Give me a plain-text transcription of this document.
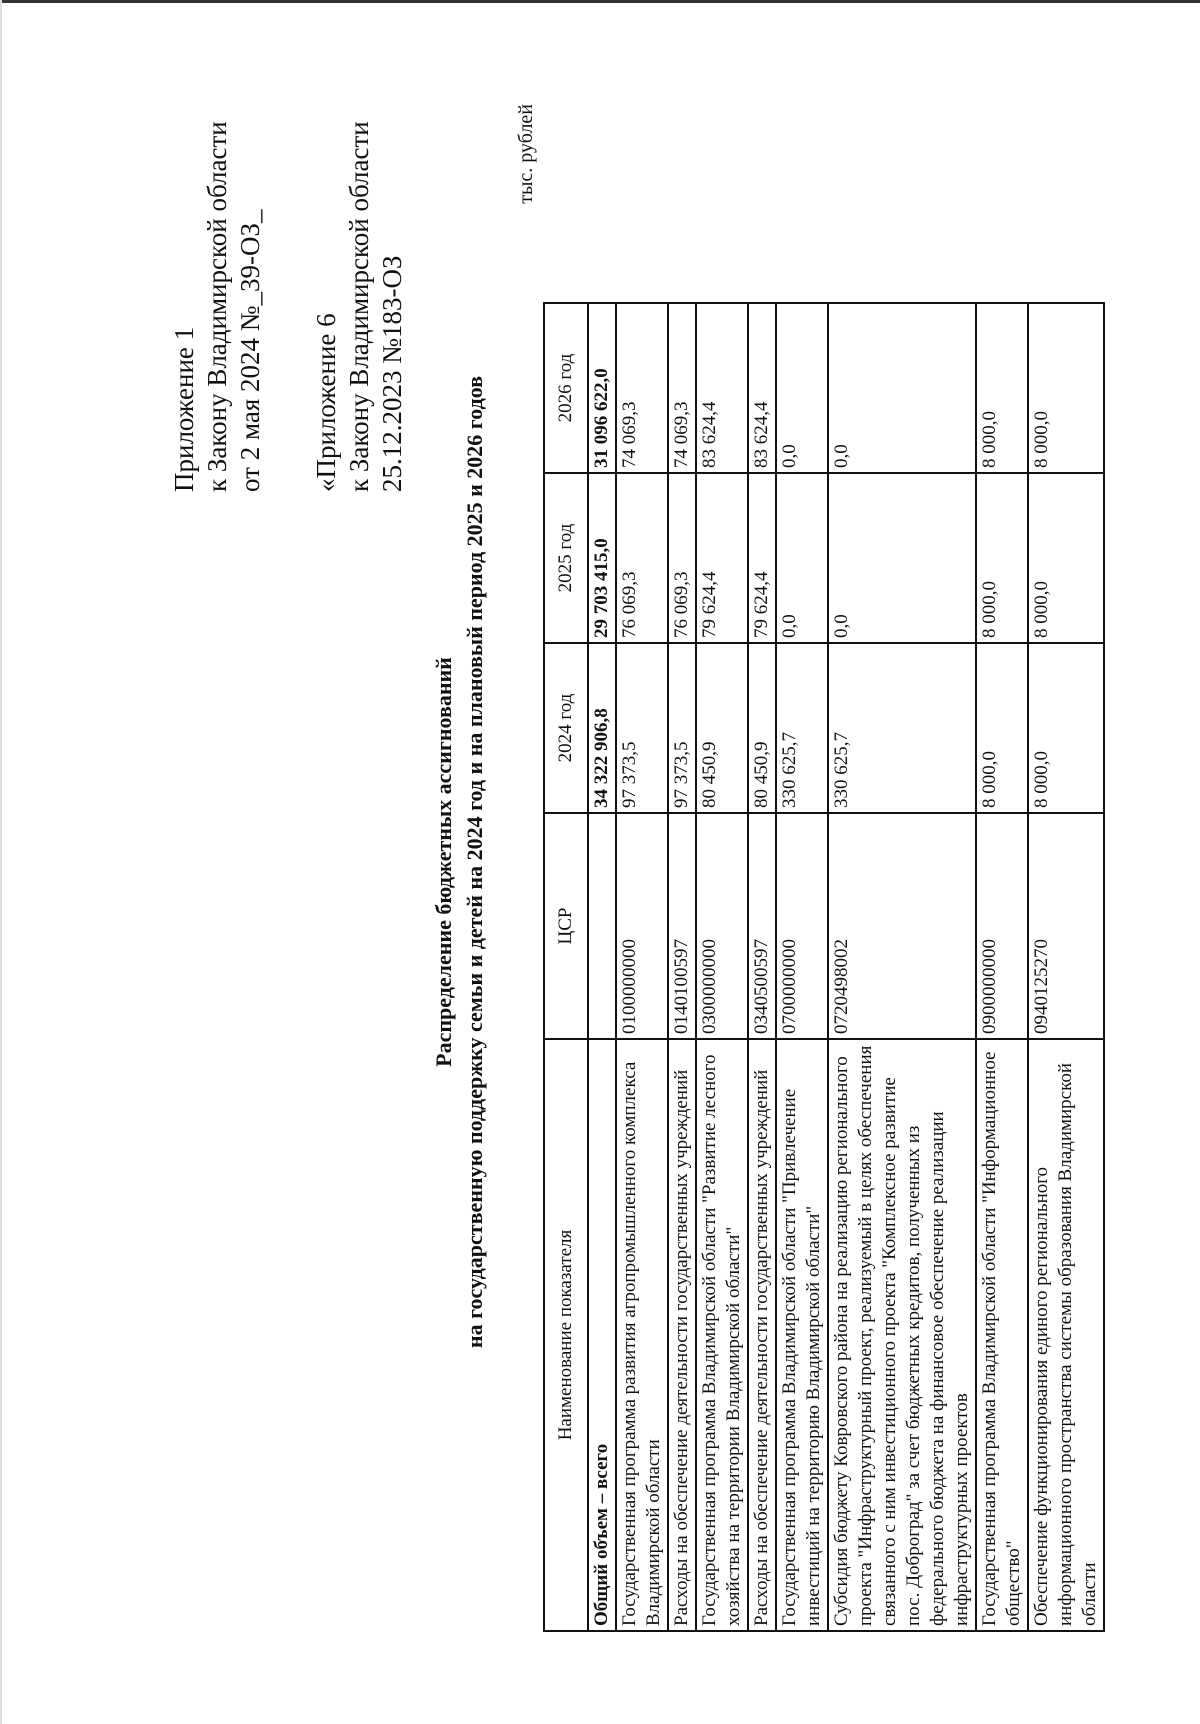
Приложение 1 к Закону Владимирской области от 2 мая 2024 №_39-ОЗ_ «Приложение 6 к Закону Владимирской области 25.12.2023 №183-ОЗ
Распределение бюджетных ассигнований на государственную поддержку семьи и детей на 2024 год и на плановый период 2025 и 2026 годов
тыс. рублей
Наименование показателя	ЦСР	2024 год	2025 год	2026 год
Общий объем – всего		34 322 906,8	29 703 415,0	31 096 622,0
Государственная программа развития агропромышленного комплекса Владимирской области	0100000000	97 373,5	76 069,3	74 069,3
Расходы на обеспечение деятельности государственных учреждений	0140100597	97 373,5	76 069,3	74 069,3
Государственная программа Владимирской области "Развитие лесного хозяйства на территории Владимирской области"	0300000000	80 450,9	79 624,4	83 624,4
Расходы на обеспечение деятельности государственных учреждений	0340500597	80 450,9	79 624,4	83 624,4
Государственная программа Владимирской области "Привлечение инвестиций на территорию Владимирской области"	0700000000	330 625,7	0,0	0,0
Субсидия бюджету Ковровского района на реализацию регионального проекта "Инфраструктурный проект, реализуемый в целях обеспечения связанного с ним инвестиционного проекта "Комплексное развитие пос. Доброград" за счет бюджетных кредитов, полученных из федерального бюджета на финансовое обеспечение реализации инфраструктурных проектов	0720498002	330 625,7	0,0	0,0
Государственная программа Владимирской области "Информационное общество"	0900000000	8 000,0	8 000,0	8 000,0
Обеспечение функционирования единого регионального информационного пространства системы образования Владимирской области	0940125270	8 000,0	8 000,0	8 000,0
